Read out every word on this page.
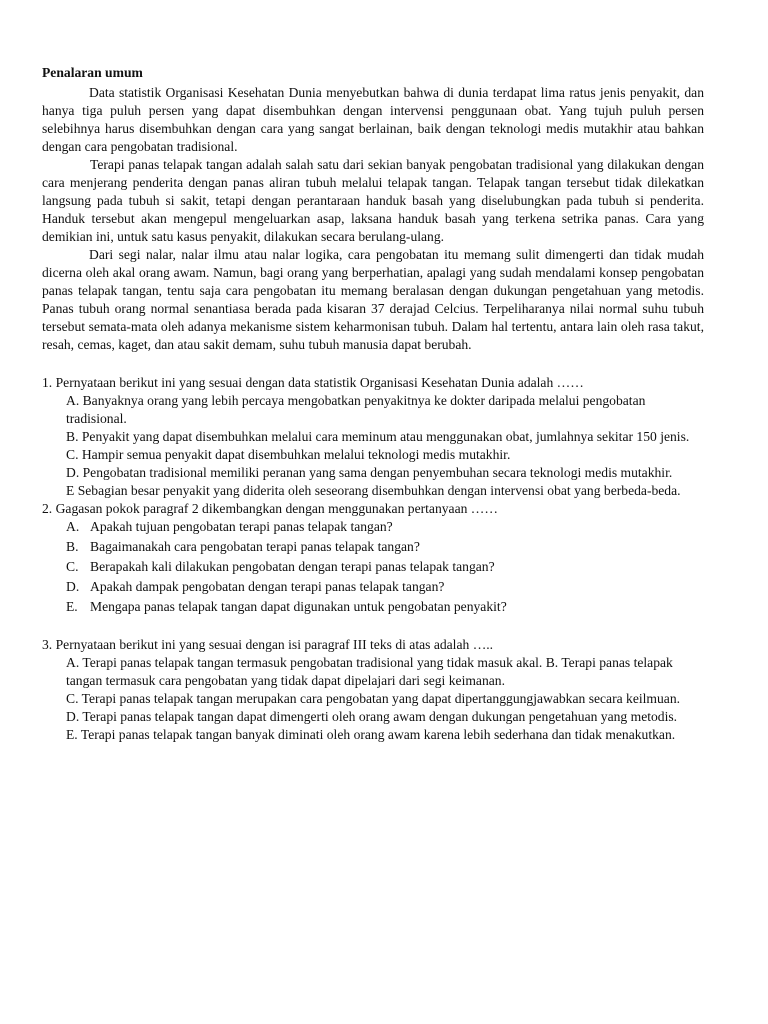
Penalaran umum

Data statistik Organisasi Kesehatan Dunia menyebutkan bahwa di dunia terdapat lima ratus jenis penyakit, dan hanya tiga puluh persen yang dapat disembuhkan dengan intervensi penggunaan obat. Yang tujuh puluh persen selebihnya harus disembuhkan dengan cara yang sangat berlainan, baik dengan teknologi medis mutakhir atau bahkan dengan cara pengobatan tradisional.

Terapi panas telapak tangan adalah salah satu dari sekian banyak pengobatan tradisional yang dilakukan dengan cara menjerang penderita dengan panas aliran tubuh melalui telapak tangan. Telapak tangan tersebut tidak dilekatkan langsung pada tubuh si sakit, tetapi dengan perantaraan handuk basah yang diselubungkan pada tubuh si penderita. Handuk tersebut akan mengepul mengeluarkan asap, laksana handuk basah yang terkena setrika panas. Cara yang demikian ini, untuk satu kasus penyakit, dilakukan secara berulang-ulang.

Dari segi nalar, nalar ilmu atau nalar logika, cara pengobatan itu memang sulit dimengerti dan tidak mudah dicerna oleh akal orang awam. Namun, bagi orang yang berperhatian, apalagi yang sudah mendalami konsep pengobatan panas telapak tangan, tentu saja cara pengobatan itu memang beralasan dengan dukungan pengetahuan yang metodis. Panas tubuh orang normal senantiasa berada pada kisaran 37 derajad Celcius. Terpeliharanya nilai normal suhu tubuh tersebut semata-mata oleh adanya mekanisme sistem keharmonisan tubuh. Dalam hal tertentu, antara lain oleh rasa takut, resah, cemas, kaget, dan atau sakit demam, suhu tubuh manusia dapat berubah.

1. Pernyataan berikut ini yang sesuai dengan data statistik Organisasi Kesehatan Dunia adalah ……

A. Banyaknya orang yang lebih percaya mengobatkan penyakitnya ke dokter daripada melalui pengobatan tradisional.
B. Penyakit yang dapat disembuhkan melalui cara meminum atau menggunakan obat, jumlahnya sekitar 150 jenis.
C. Hampir semua penyakit dapat disembuhkan melalui teknologi medis mutakhir.
D. Pengobatan tradisional memiliki peranan yang sama dengan penyembuhan secara teknologi medis mutakhir.
E Sebagian besar penyakit yang diderita oleh seseorang disembuhkan dengan intervensi obat yang berbeda-beda.

2. Gagasan pokok paragraf 2 dikembangkan dengan menggunakan pertanyaan ……

A. Apakah tujuan pengobatan terapi panas telapak tangan?
B. Bagaimanakah cara pengobatan terapi panas telapak tangan?
C. Berapakah kali dilakukan pengobatan dengan terapi panas telapak tangan?
D. Apakah dampak pengobatan dengan terapi panas telapak tangan?
E. Mengapa panas telapak tangan dapat digunakan untuk pengobatan penyakit?

3. Pernyataan berikut ini yang sesuai dengan isi paragraf III teks di atas adalah …..

A. Terapi panas telapak tangan termasuk pengobatan tradisional yang tidak masuk akal. B. Terapi panas telapak tangan termasuk cara pengobatan yang tidak dapat dipelajari dari segi keimanan.
C. Terapi panas telapak tangan merupakan cara pengobatan yang dapat dipertanggungjawabkan secara keilmuan.
D. Terapi panas telapak tangan dapat dimengerti oleh orang awam dengan dukungan pengetahuan yang metodis.
E. Terapi panas telapak tangan banyak diminati oleh orang awam karena lebih sederhana dan tidak menakutkan.
